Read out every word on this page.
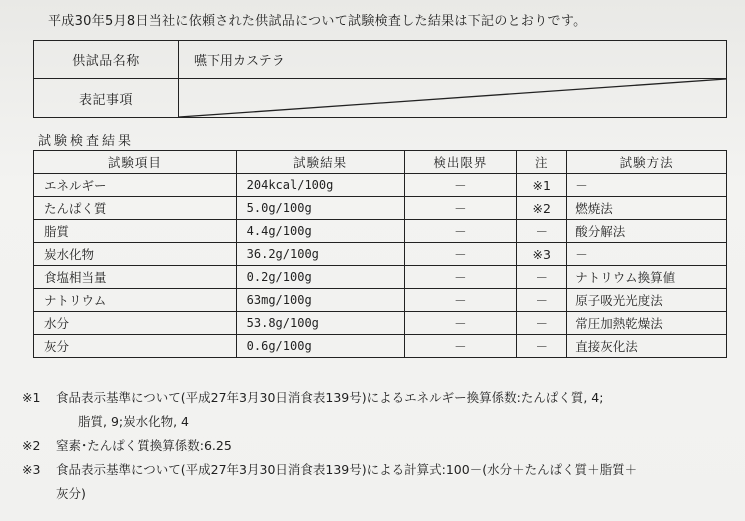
平成30年5月8日当社に依頼された供試品について試験検査した結果は下記のとおりです。
供試品名称	嚥下用カステラ
表記事項
試験検査結果
試験項目	試験結果	検出限界	注	試験方法
エネルギー	204kcal/100g	－	※1	－
たんぱく質	5.0g/100g	－	※2	燃焼法
脂質	4.4g/100g	－	－	酸分解法
炭水化物	36.2g/100g	－	※3	－
食塩相当量	0.2g/100g	－	－	ナトリウム換算値
ナトリウム	63mg/100g	－	－	原子吸光光度法
水分	53.8g/100g	－	－	常圧加熱乾燥法
灰分	0.6g/100g	－	－	直接灰化法
※1 食品表示基準について(平成27年3月30日消食表139号)によるエネルギー換算係数:たんぱく質, 4;
脂質, 9;炭水化物, 4
※2 窒素･たんぱく質換算係数:6.25
※3 食品表示基準について(平成27年3月30日消食表139号)による計算式:100－(水分＋たんぱく質＋脂質＋
灰分)
